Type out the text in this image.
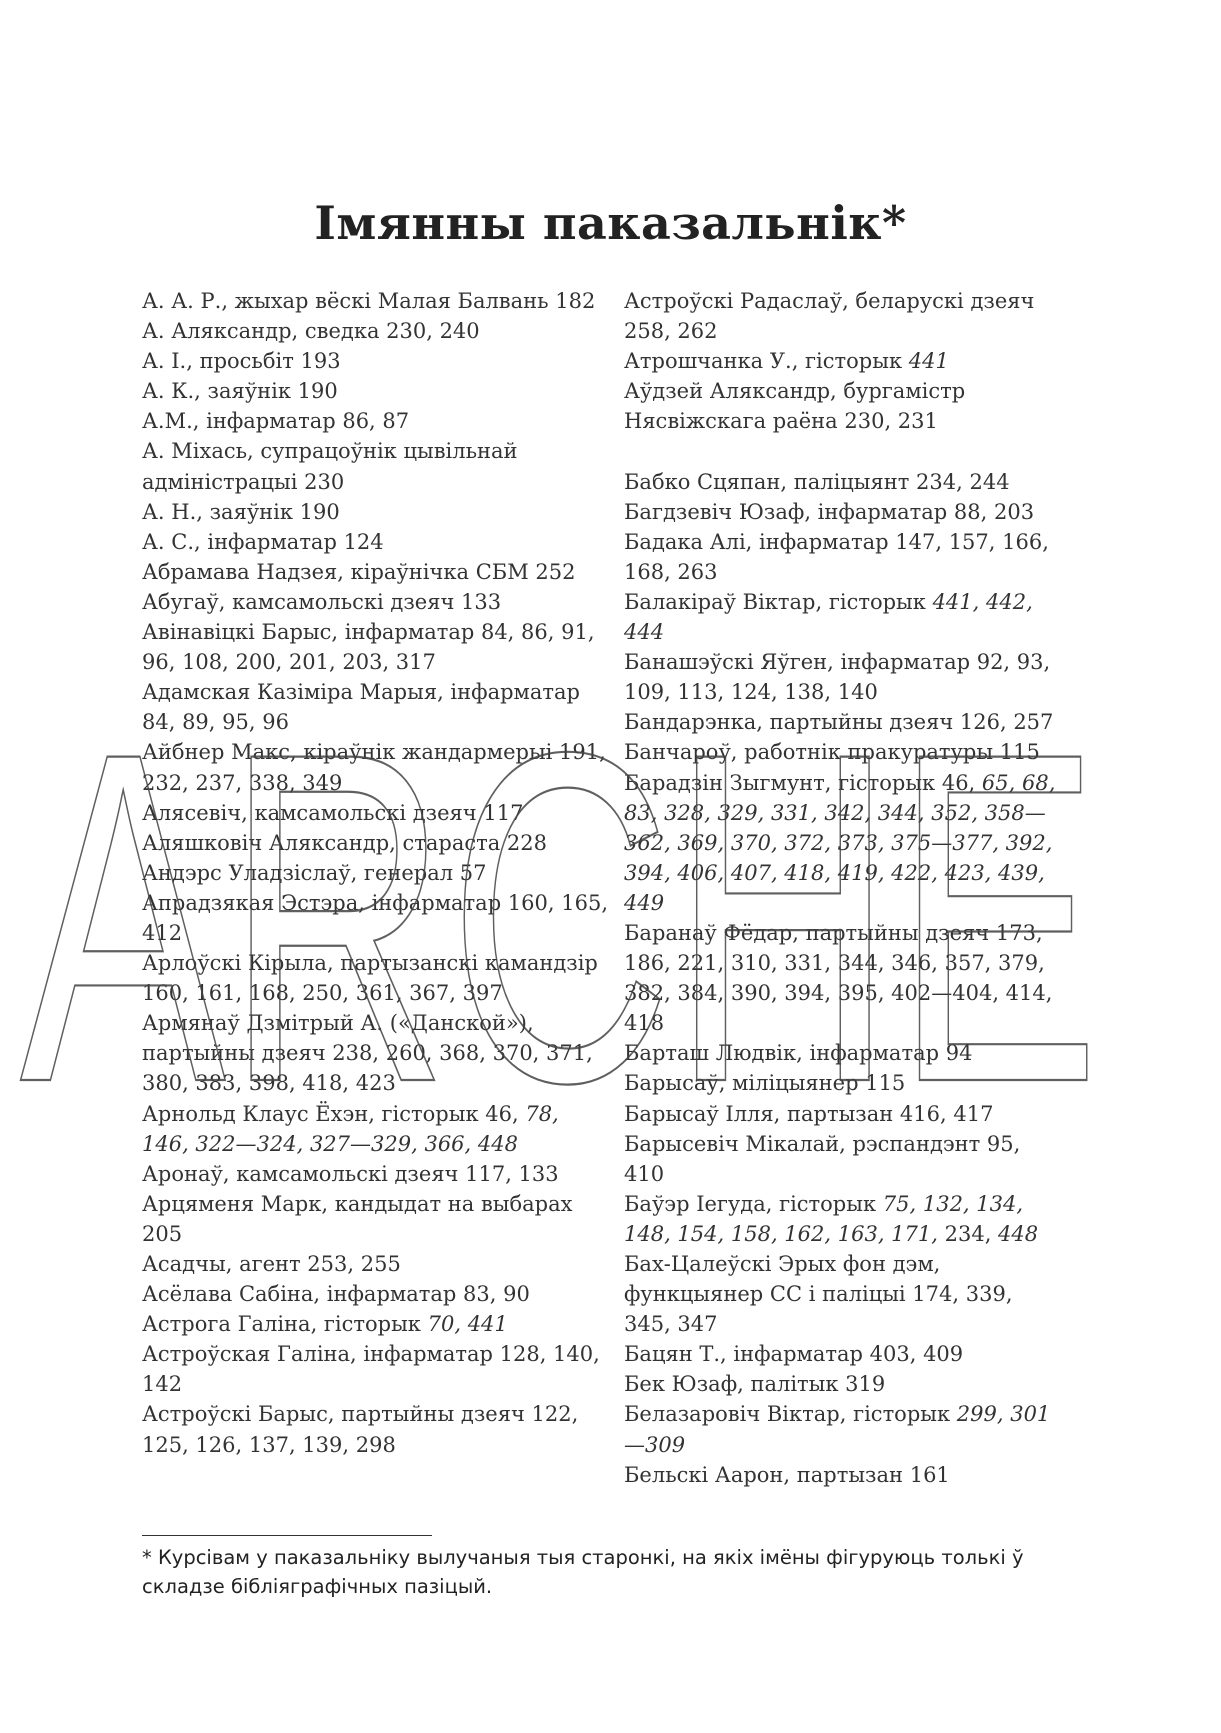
Імянны паказальнік*

А. А. Р., жыхар вёскі Малая Балвань 182

А. Аляксандр, сведка 230, 240

А. І., просьбіт 193

А. К., заяўнік 190

А.М., інфарматар 86, 87

А. Міхась, супрацоўнік цывільнай адміністрацыі 230

А. Н., заяўнік 190

А. С., інфарматар 124

Абрамава Надзея, кіраўнічка СБМ 252

Абугаў, камсамольскі дзеяч 133

Авінавіцкі Барыс, інфарматар 84, 86, 91, 96, 108, 200, 201, 203, 317

Адамская Казіміра Марыя, інфарматар 84, 89, 95, 96

Айбнер Макс, кіраўнік жандармерыі 191, 232, 237, 338, 349

Алясевіч, камсамольскі дзеяч 117

Аляшковіч Аляксандр, стараста 228

Андэрс Уладзіслаў, генерал 57

Апрадзякая Эстэра, інфарматар 160, 165, 412

Арлоўскі Кірыла, партызанскі камандзір 160, 161, 168, 250, 361, 367, 397

Армянаў Дзмітрый А. («Данской»), партыйны дзеяч 238, 260, 368, 370, 371, 380, 383, 398, 418, 423

Арнольд Клаус Ёхэн, гісторык 46, 78, 146, 322—324, 327—329, 366, 448

Аронаў, камсамольскі дзеяч 117, 133

Арцяменя Марк, кандыдат на выбарах 205

Асадчы, агент 253, 255

Асёлава Сабіна, інфарматар 83, 90

Астрога Галіна, гісторык 70, 441

Астроўская Галіна, інфарматар 128, 140, 142

Астроўскі Барыс, партыйны дзеяч 122, 125, 126, 137, 139, 298

Астроўскі Радаслаў, беларускі дзеяч 258, 262

Атрошчанка У., гісторык 441

Аўдзей Аляксандр, бургамістр Нясвіжскага раёна 230, 231

Бабко Сцяпан, паліцыянт 234, 244

Багдзевіч Юзаф, інфарматар 88, 203

Бадака Алі, інфарматар 147, 157, 166, 168, 263

Балакіраў Віктар, гісторык 441, 442, 444

Банашэўскі Яўген, інфарматар 92, 93, 109, 113, 124, 138, 140

Бандарэнка, партыйны дзеяч 126, 257

Банчароў, работнік пракуратуры 115

Барадзін Зыгмунт, гісторык 46, 65, 68, 83, 328, 329, 331, 342, 344, 352, 358—362, 369, 370, 372, 373, 375—377, 392, 394, 406, 407, 418, 419, 422, 423, 439, 449

Баранаў Фёдар, партыйны дзеяч 173, 186, 221, 310, 331, 344, 346, 357, 379, 382, 384, 390, 394, 395, 402—404, 414, 418

Барташ Людвік, інфарматар 94

Барысаў, міліцыянер 115

Барысаў Ілля, партызан 416, 417

Барысевіч Мікалай, рэспандэнт 95, 410

Баўэр Іегуда, гісторык 75, 132, 134, 148, 154, 158, 162, 163, 171, 234, 448

Бах-Цалеўскі Эрых фон дэм, функцыянер СС і паліцыі 174, 339, 345, 347

Бацян Т., інфарматар 403, 409

Бек Юзаф, палітык 319

Белазаровіч Віктар, гісторык 299, 301—309

Бельскі Аарон, партызан 161

* Курсівам у паказальніку вылучаныя тыя старонкі, на якіх імёны фігуруюць толькі ў складзе бібліяграфічных пазіцый.
ARCHE
